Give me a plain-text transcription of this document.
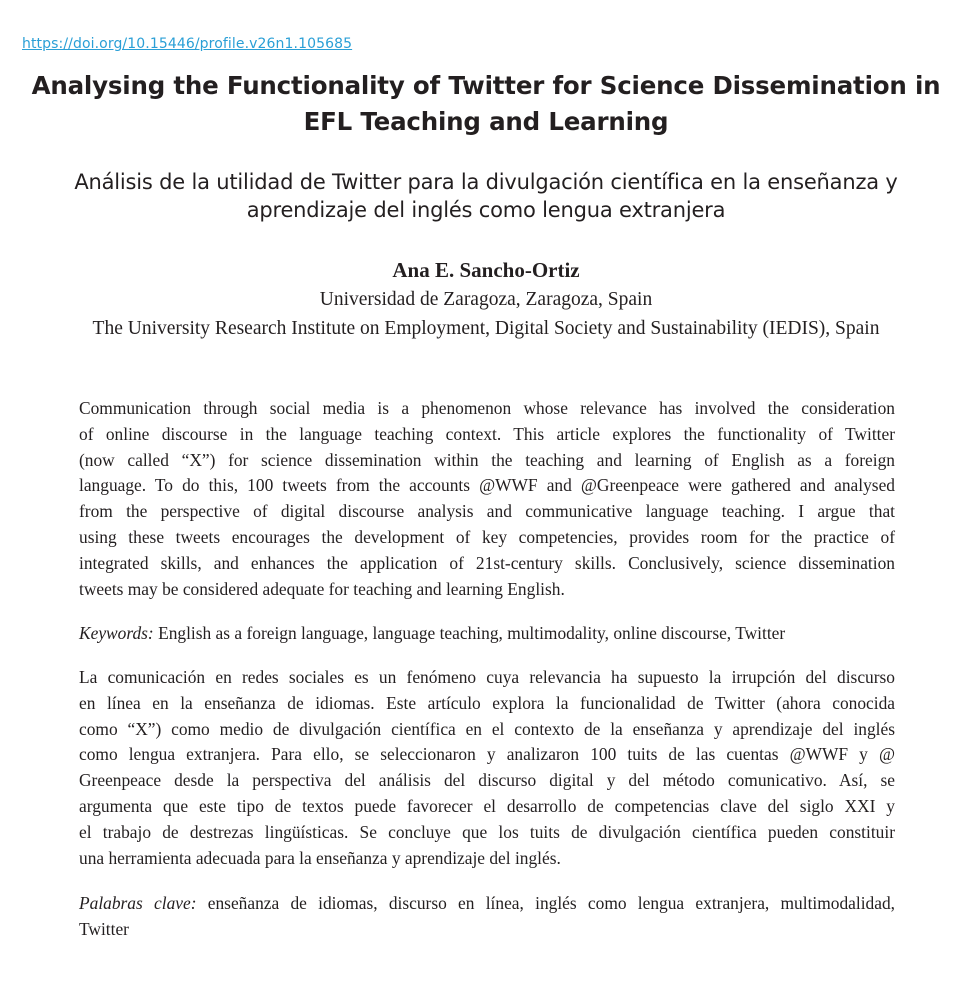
https://doi.org/10.15446/profile.v26n1.105685
Analysing the Functionality of Twitter for Science Dissemination in
EFL Teaching and Learning
Análisis de la utilidad de Twitter para la divulgación científica en la enseñanza y
aprendizaje del inglés como lengua extranjera
Ana E. Sancho-Ortiz
Universidad de Zaragoza, Zaragoza, Spain
The University Research Institute on Employment, Digital Society and Sustainability (IEDIS), Spain
Communication through social media is a phenomenon whose relevance has involved the consideration
of online discourse in the language teaching context. This article explores the functionality of Twitter
(now called “X”) for science dissemination within the teaching and learning of English as a foreign
language. To do this, 100 tweets from the accounts @WWF and @Greenpeace were gathered and analysed
from the perspective of digital discourse analysis and communicative language teaching. I argue that
using these tweets encourages the development of key competencies, provides room for the practice of
integrated skills, and enhances the application of 21st-century skills. Conclusively, science dissemination
tweets may be considered adequate for teaching and learning English.
Keywords: English as a foreign language, language teaching, multimodality, online discourse, Twitter
La comunicación en redes sociales es un fenómeno cuya relevancia ha supuesto la irrupción del discurso
en línea en la enseñanza de idiomas. Este artículo explora la funcionalidad de Twitter (ahora conocida
como “X”) como medio de divulgación científica en el contexto de la enseñanza y aprendizaje del inglés
como lengua extranjera. Para ello, se seleccionaron y analizaron 100 tuits de las cuentas @WWF y @
Greenpeace desde la perspectiva del análisis del discurso digital y del método comunicativo. Así, se
argumenta que este tipo de textos puede favorecer el desarrollo de competencias clave del siglo XXI y
el trabajo de destrezas lingüísticas. Se concluye que los tuits de divulgación científica pueden constituir
una herramienta adecuada para la enseñanza y aprendizaje del inglés.
Palabras clave: enseñanza de idiomas, discurso en línea, inglés como lengua extranjera, multimodalidad,
Twitter
